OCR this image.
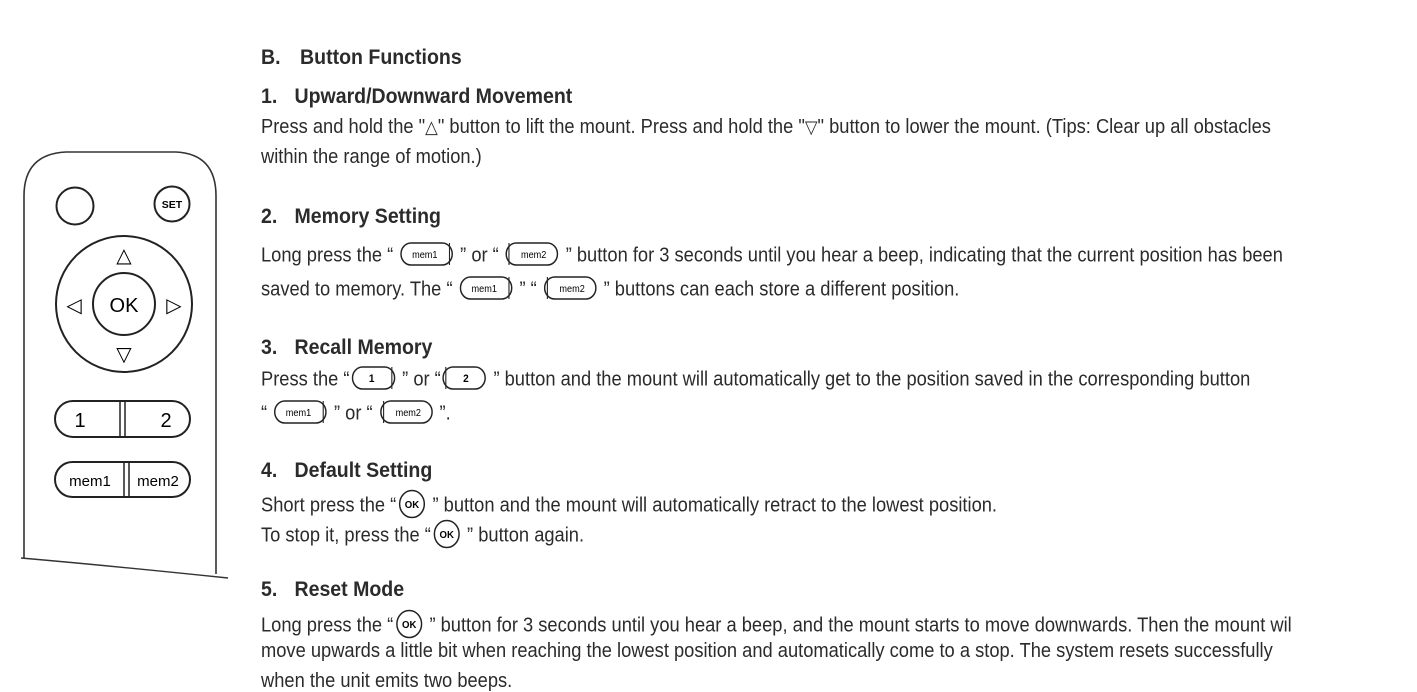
SET
△
▽
◁	▷
OK
1	2
mem1 mem2
B. Button Functions
1. Upward/Downward Movement
Press and hold the "△" button to lift the mount. Press and hold the "▽" button to lower the mount. (Tips: Clear up all obstacles
within the range of motion.)
2. Memory Setting
Long press the “ mem1 ” or “ mem2 ” button for 3 seconds until you hear a beep, indicating that the current position has been
saved to memory. The “ mem1 ” “ mem2 ” buttons can each store a different position.
3. Recall Memory
Press the “ 1 ” or “ 2 ” button and the mount will automatically get to the position saved in the corresponding button
“ mem1 ” or “ mem2 ”.
4. Default Setting
Short press the “ OK ” button and the mount will automatically retract to the lowest position.
To stop it, press the “ OK ” button again.
5. Reset Mode
Long press the “ OK ” button for 3 seconds until you hear a beep, and the mount starts to move downwards. Then the mount wil
move upwards a little bit when reaching the lowest position and automatically come to a stop. The system resets successfully
when the unit emits two beeps.
